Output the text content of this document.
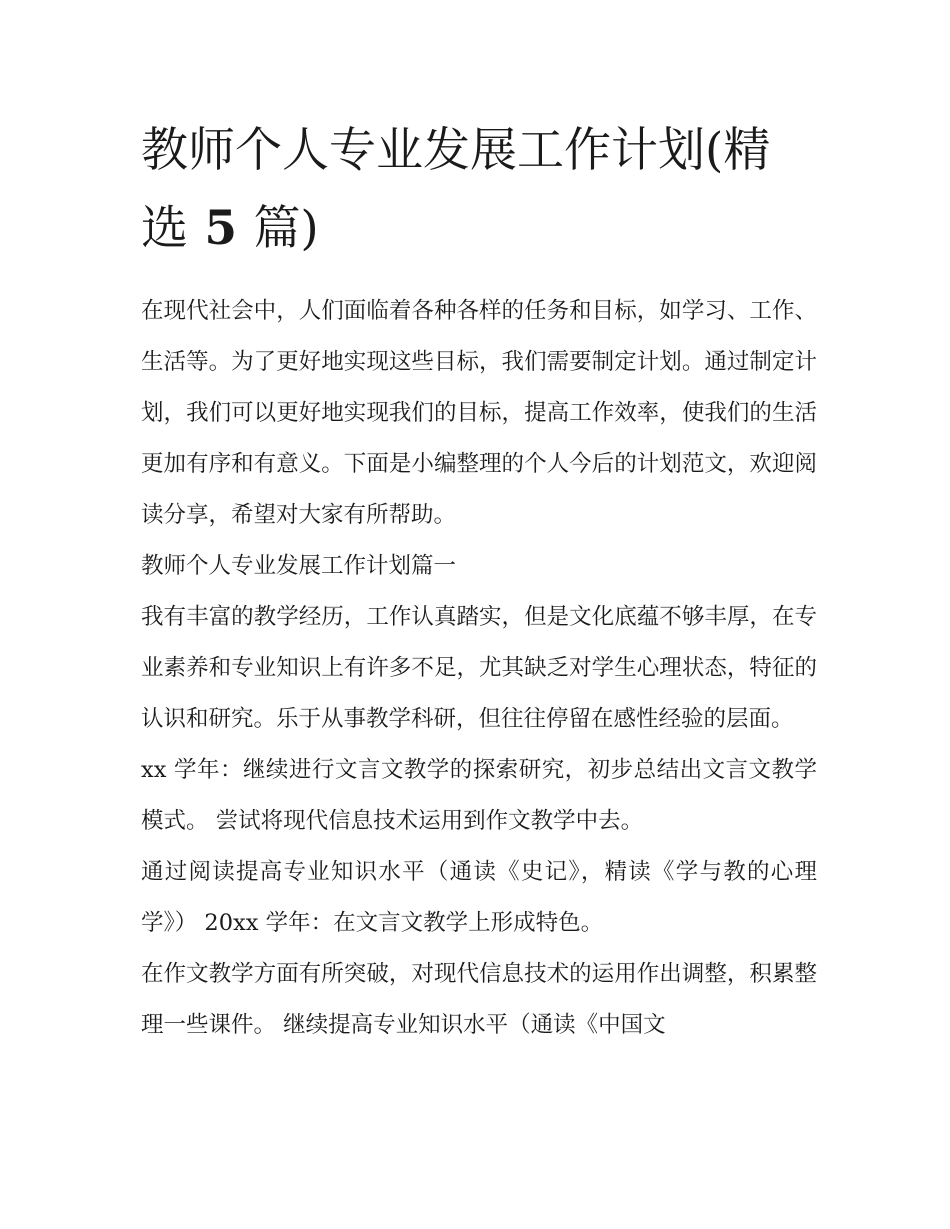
教师个人专业发展工作计划(精选 5 篇)

在现代社会中，人们面临着各种各样的任务和目标，如学习、工作、生活等。为了更好地实现这些目标，我们需要制定计划。通过制定计划，我们可以更好地实现我们的目标，提高工作效率，使我们的生活更加有序和有意义。下面是小编整理的个人今后的计划范文，欢迎阅读分享，希望对大家有所帮助。

教师个人专业发展工作计划篇一

我有丰富的教学经历，工作认真踏实，但是文化底蕴不够丰厚，在专业素养和专业知识上有许多不足，尤其缺乏对学生心理状态，特征的认识和研究。乐于从事教学科研，但往往停留在感性经验的层面。

xx 学年：继续进行文言文教学的探索研究，初步总结出文言文教学模式。 尝试将现代信息技术运用到作文教学中去。

通过阅读提高专业知识水平（通读《史记》，精读《学与教的心理学》） 20xx 学年：在文言文教学上形成特色。

在作文教学方面有所突破，对现代信息技术的运用作出调整，积累整理一些课件。 继续提高专业知识水平（通读《中国文
